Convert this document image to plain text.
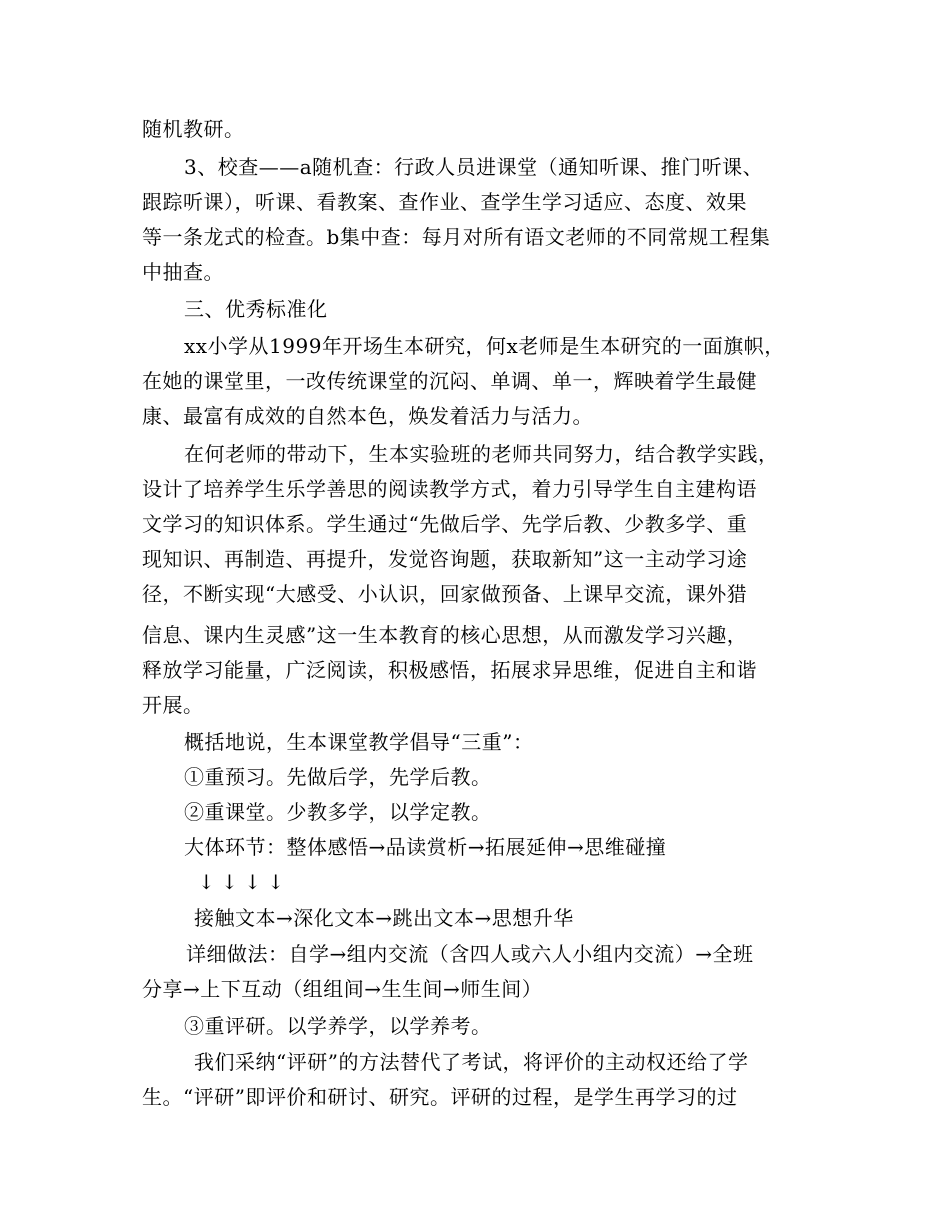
随机教研。
3、校查——a随机查：行政人员进课堂（通知听课、推门听课、
跟踪听课），听课、看教案、查作业、查学生学习适应、态度、效果
等一条龙式的检查。b集中查：每月对所有语文老师的不同常规工程集
中抽查。
三、优秀标准化
xx小学从1999年开场生本研究，何x老师是生本研究的一面旗帜，
在她的课堂里，一改传统课堂的沉闷、单调、单一，辉映着学生最健
康、最富有成效的自然本色，焕发着活力与活力。
在何老师的带动下，生本实验班的老师共同努力，结合教学实践，
设计了培养学生乐学善思的阅读教学方式，着力引导学生自主建构语
文学习的知识体系。学生通过“先做后学、先学后教、少教多学、重
现知识、再制造、再提升，发觉咨询题，获取新知”这一主动学习途
径，不断实现“大感受、小认识，回家做预备、上课早交流，课外猎
信息、课内生灵感”这一生本教育的核心思想，从而激发学习兴趣，
释放学习能量，广泛阅读，积极感悟，拓展求异思维，促进自主和谐
开展。
概括地说，生本课堂教学倡导“三重”：
①重预习。先做后学，先学后教。
②重课堂。少教多学，以学定教。
大体环节：整体感悟→品读赏析→拓展延伸→思维碰撞
↓ ↓ ↓ ↓
接触文本→深化文本→跳出文本→思想升华
详细做法：自学→组内交流（含四人或六人小组内交流）→全班
分享→上下互动（组组间→生生间→师生间）
③重评研。以学养学，以学养考。
我们采纳“评研”的方法替代了考试，将评价的主动权还给了学
生。“评研”即评价和研讨、研究。评研的过程，是学生再学习的过
